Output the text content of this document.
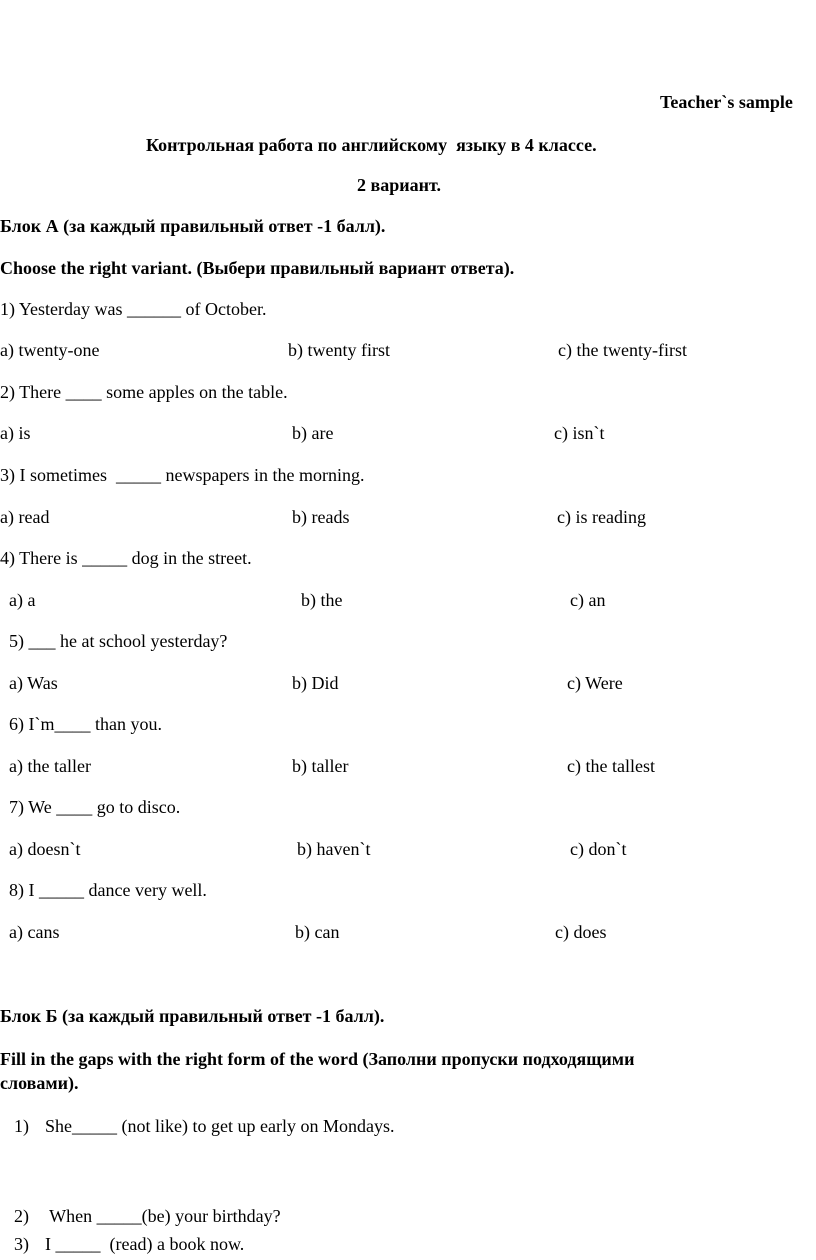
Teacher`s sample
Контрольная работа по английскому  языку в 4 классе.
2 вариант.
Блок А (за каждый правильный ответ -1 балл).
Choose the right variant. (Выбери правильный вариант ответа).
1) Yesterday was ______ of October.
a) twenty-one	b) twenty first	c) the twenty-first
2) There ____ some apples on the table.
a) is	b) are	c) isn`t
3) I sometimes  _____ newspapers in the morning.
a) read	b) reads	c) is reading
4) There is _____ dog in the street.
a) a	b) the	c) an
5) ___ he at school yesterday?
a) Was	b) Did	c) Were
6) I`m____ than you.
a) the taller	b) taller	c) the tallest
7) We ____ go to disco.
a) doesn`t	b) haven`t	c) don`t
8) I _____ dance very well.
a) cans	b) can	c) does
Блок Б (за каждый правильный ответ -1 балл).
Fill in the gaps with the right form of the word (Заполни пропуски подходящими
словами).
1) She_____ (not like) to get up early on Mondays.
2) When _____(be) your birthday?
3) I _____  (read) a book now.
